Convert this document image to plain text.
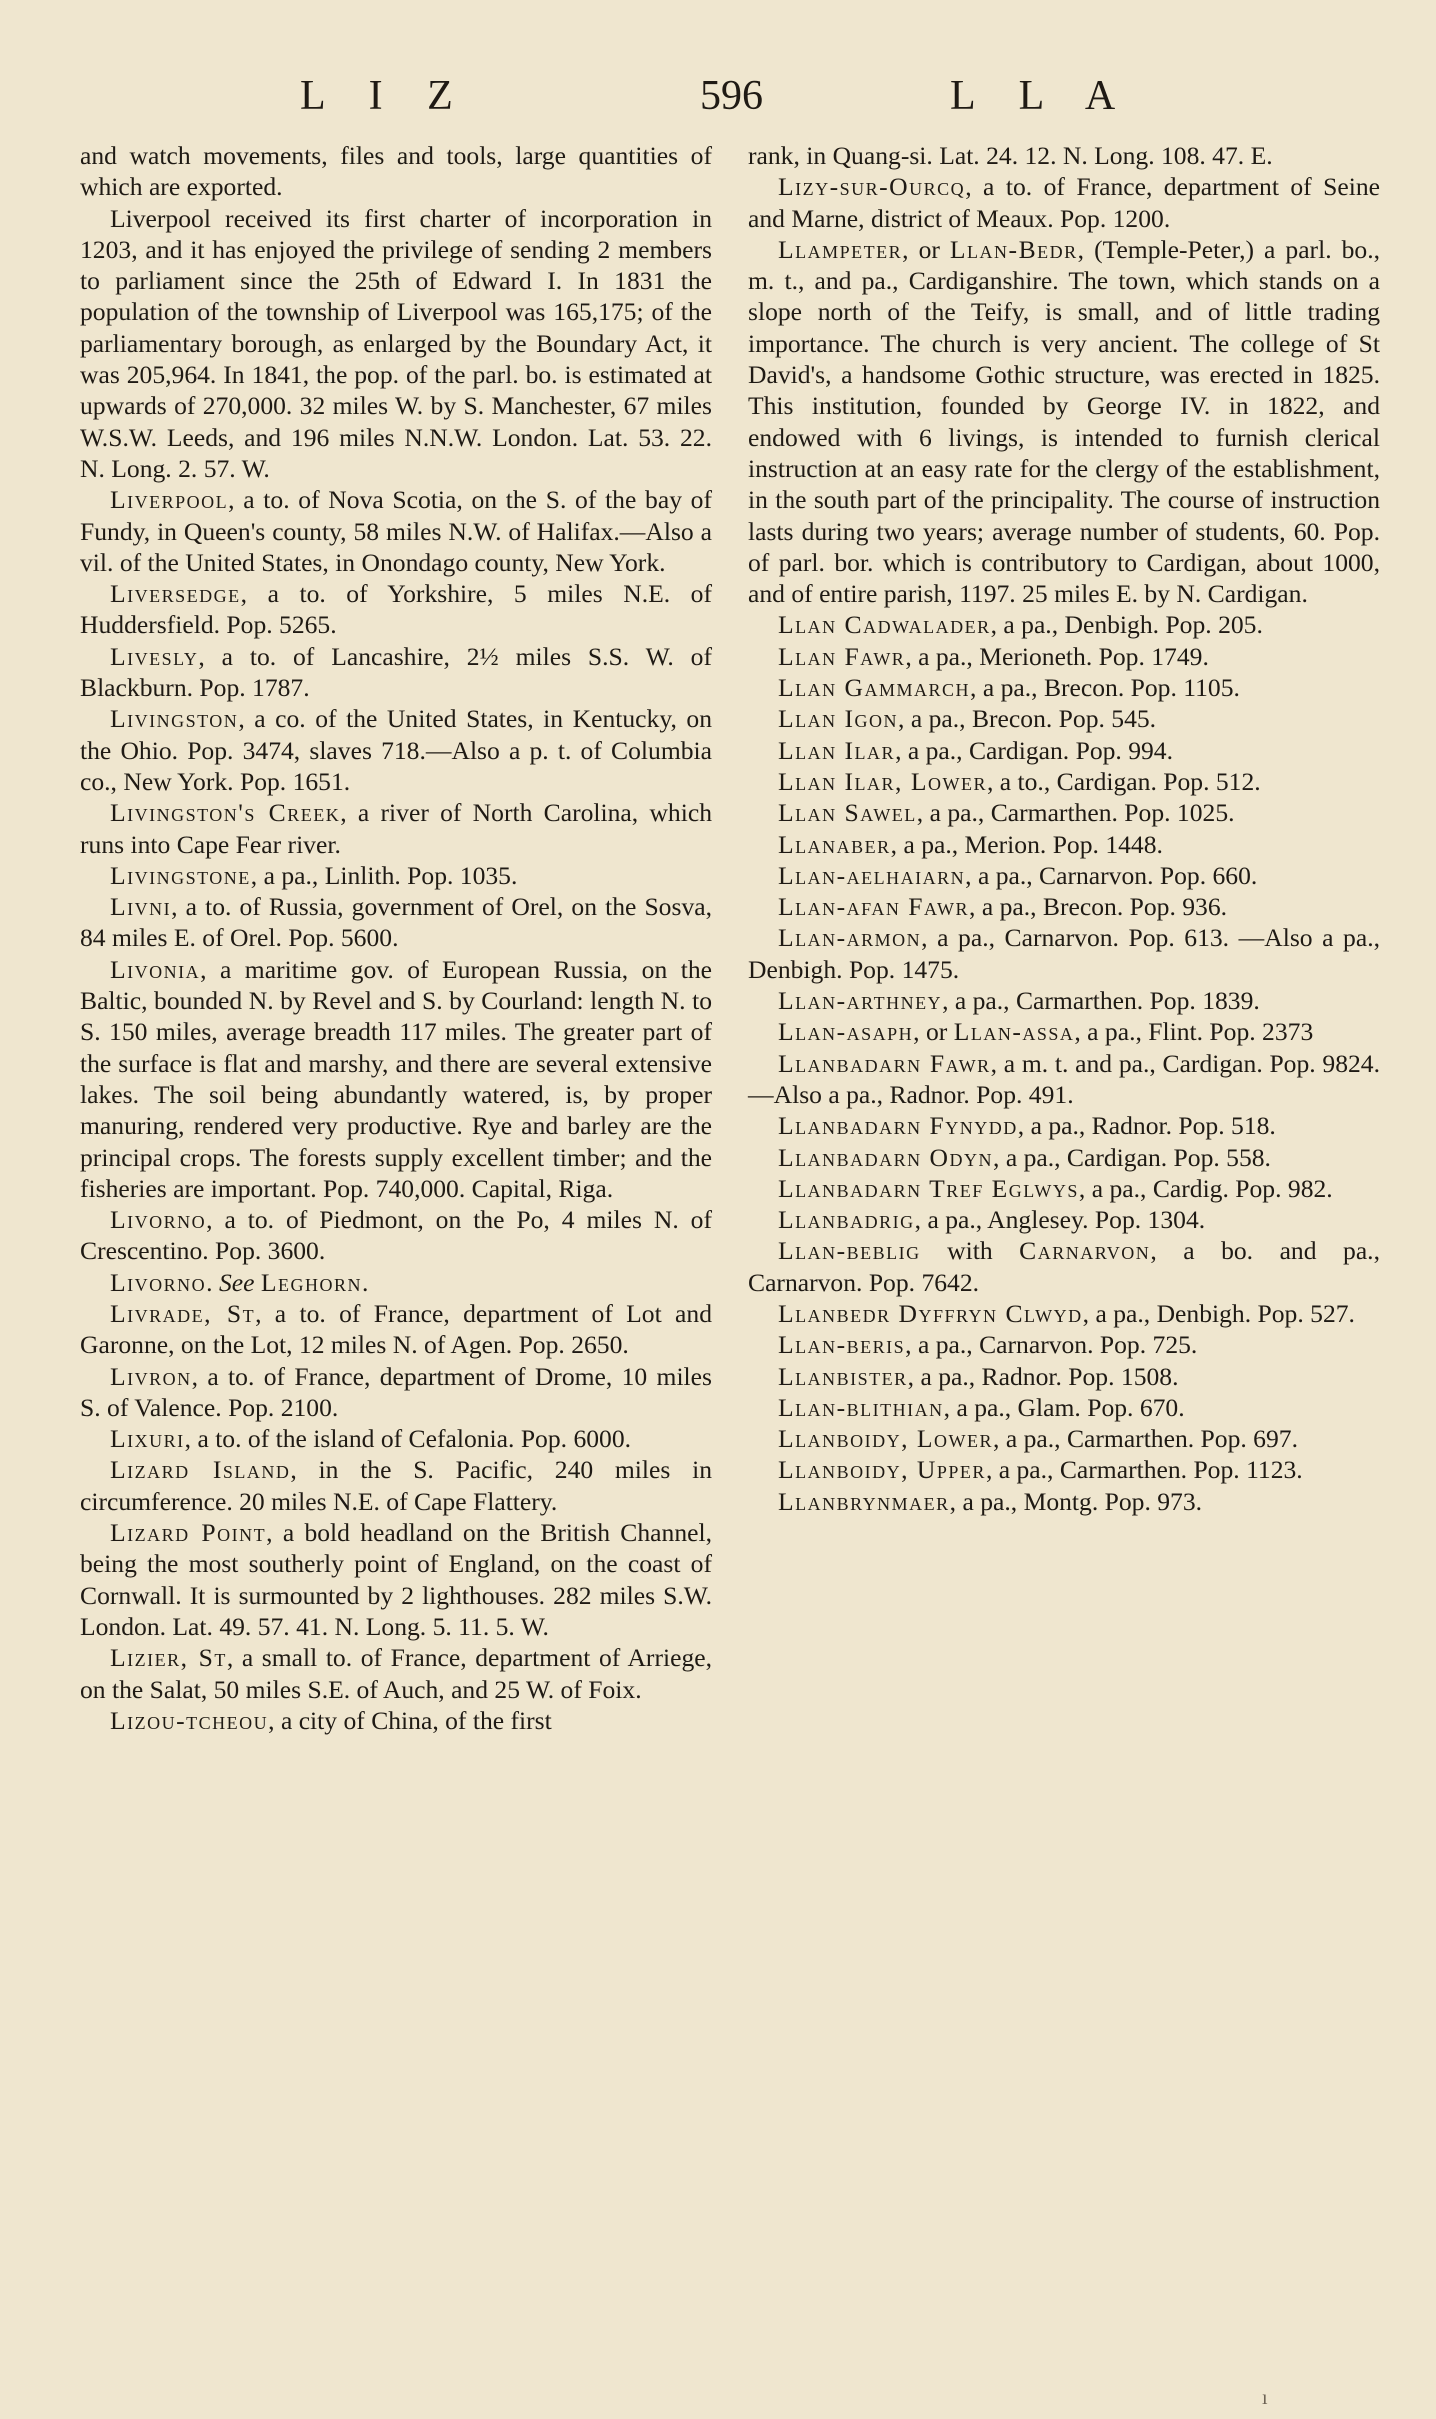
L I Z	596	L L A

and watch movements, files and tools, large quantities of which are exported.

Liverpool received its first charter of incorporation in 1203, and it has enjoyed the privilege of sending 2 members to parliament since the 25th of Edward I. In 1831 the population of the township of Liverpool was 165,175; of the parliamentary borough, as enlarged by the Boundary Act, it was 205,964. In 1841, the pop. of the parl. bo. is estimated at upwards of 270,000. 32 miles W. by S. Manchester, 67 miles W.S.W. Leeds, and 196 miles N.N.W. London. Lat. 53. 22. N. Long. 2. 57. W.

Liverpool, a to. of Nova Scotia, on the S. of the bay of Fundy, in Queen's county, 58 miles N.W. of Halifax.—Also a vil. of the United States, in Onondago county, New York.

Liversedge, a to. of Yorkshire, 5 miles N.E. of Huddersfield. Pop. 5265.

Livesly, a to. of Lancashire, 2½ miles S.S. W. of Blackburn. Pop. 1787.

Livingston, a co. of the United States, in Kentucky, on the Ohio. Pop. 3474, slaves 718.—Also a p. t. of Columbia co., New York. Pop. 1651.

Livingston's Creek, a river of North Carolina, which runs into Cape Fear river.

Livingstone, a pa., Linlith. Pop. 1035.

Livni, a to. of Russia, government of Orel, on the Sosva, 84 miles E. of Orel. Pop. 5600.

Livonia, a maritime gov. of European Russia, on the Baltic, bounded N. by Revel and S. by Courland: length N. to S. 150 miles, average breadth 117 miles. The greater part of the surface is flat and marshy, and there are several extensive lakes. The soil being abundantly watered, is, by proper manuring, rendered very productive. Rye and barley are the principal crops. The forests supply excellent timber; and the fisheries are important. Pop. 740,000. Capital, Riga.

Livorno, a to. of Piedmont, on the Po, 4 miles N. of Crescentino. Pop. 3600.

Livorno. See Leghorn.

Livrade, St, a to. of France, department of Lot and Garonne, on the Lot, 12 miles N. of Agen. Pop. 2650.

Livron, a to. of France, department of Drome, 10 miles S. of Valence. Pop. 2100.

Lixuri, a to. of the island of Cefalonia. Pop. 6000.

Lizard Island, in the S. Pacific, 240 miles in circumference. 20 miles N.E. of Cape Flattery.

Lizard Point, a bold headland on the British Channel, being the most southerly point of England, on the coast of Cornwall. It is surmounted by 2 lighthouses. 282 miles S.W. London. Lat. 49. 57. 41. N. Long. 5. 11. 5. W.

Lizier, St, a small to. of France, department of Arriege, on the Salat, 50 miles S.E. of Auch, and 25 W. of Foix.

Lizou-tcheou, a city of China, of the first

rank, in Quang-si. Lat. 24. 12. N. Long. 108. 47. E.

Lizy-sur-Ourcq, a to. of France, department of Seine and Marne, district of Meaux. Pop. 1200.

Llampeter, or Llan-Bedr, (Temple-Peter,) a parl. bo., m. t., and pa., Cardiganshire. The town, which stands on a slope north of the Teify, is small, and of little trading importance. The church is very ancient. The college of St David's, a handsome Gothic structure, was erected in 1825. This institution, founded by George IV. in 1822, and endowed with 6 livings, is intended to furnish clerical instruction at an easy rate for the clergy of the establishment, in the south part of the principality. The course of instruction lasts during two years; average number of students, 60. Pop. of parl. bor. which is contributory to Cardigan, about 1000, and of entire parish, 1197. 25 miles E. by N. Cardigan.

Llan Cadwalader, a pa., Denbigh. Pop. 205.

Llan Fawr, a pa., Merioneth. Pop. 1749.

Llan Gammarch, a pa., Brecon. Pop. 1105.

Llan Igon, a pa., Brecon. Pop. 545.

Llan Ilar, a pa., Cardigan. Pop. 994.

Llan Ilar, Lower, a to., Cardigan. Pop. 512.

Llan Sawel, a pa., Carmarthen. Pop. 1025.

Llanaber, a pa., Merion. Pop. 1448.

Llan-aelhaiarn, a pa., Carnarvon. Pop. 660.

Llan-afan Fawr, a pa., Brecon. Pop. 936.

Llan-armon, a pa., Carnarvon. Pop. 613. —Also a pa., Denbigh. Pop. 1475.

Llan-arthney, a pa., Carmarthen. Pop. 1839.

Llan-asaph, or Llan-assa, a pa., Flint. Pop. 2373

Llanbadarn Fawr, a m. t. and pa., Cardigan. Pop. 9824.—Also a pa., Radnor. Pop. 491.

Llanbadarn Fynydd, a pa., Radnor. Pop. 518.

Llanbadarn Odyn, a pa., Cardigan. Pop. 558.

Llanbadarn Tref Eglwys, a pa., Cardig. Pop. 982.

Llanbadrig, a pa., Anglesey. Pop. 1304.

Llan-beblig with Carnarvon, a bo. and pa., Carnarvon. Pop. 7642.

Llanbedr Dyffryn Clwyd, a pa., Denbigh. Pop. 527.

Llan-beris, a pa., Carnarvon. Pop. 725.

Llanbister, a pa., Radnor. Pop. 1508.

Llan-blithian, a pa., Glam. Pop. 670.

Llanboidy, Lower, a pa., Carmarthen. Pop. 697.

Llanboidy, Upper, a pa., Carmarthen. Pop. 1123.

Llanbrynmaer, a pa., Montg. Pop. 973.

ı
